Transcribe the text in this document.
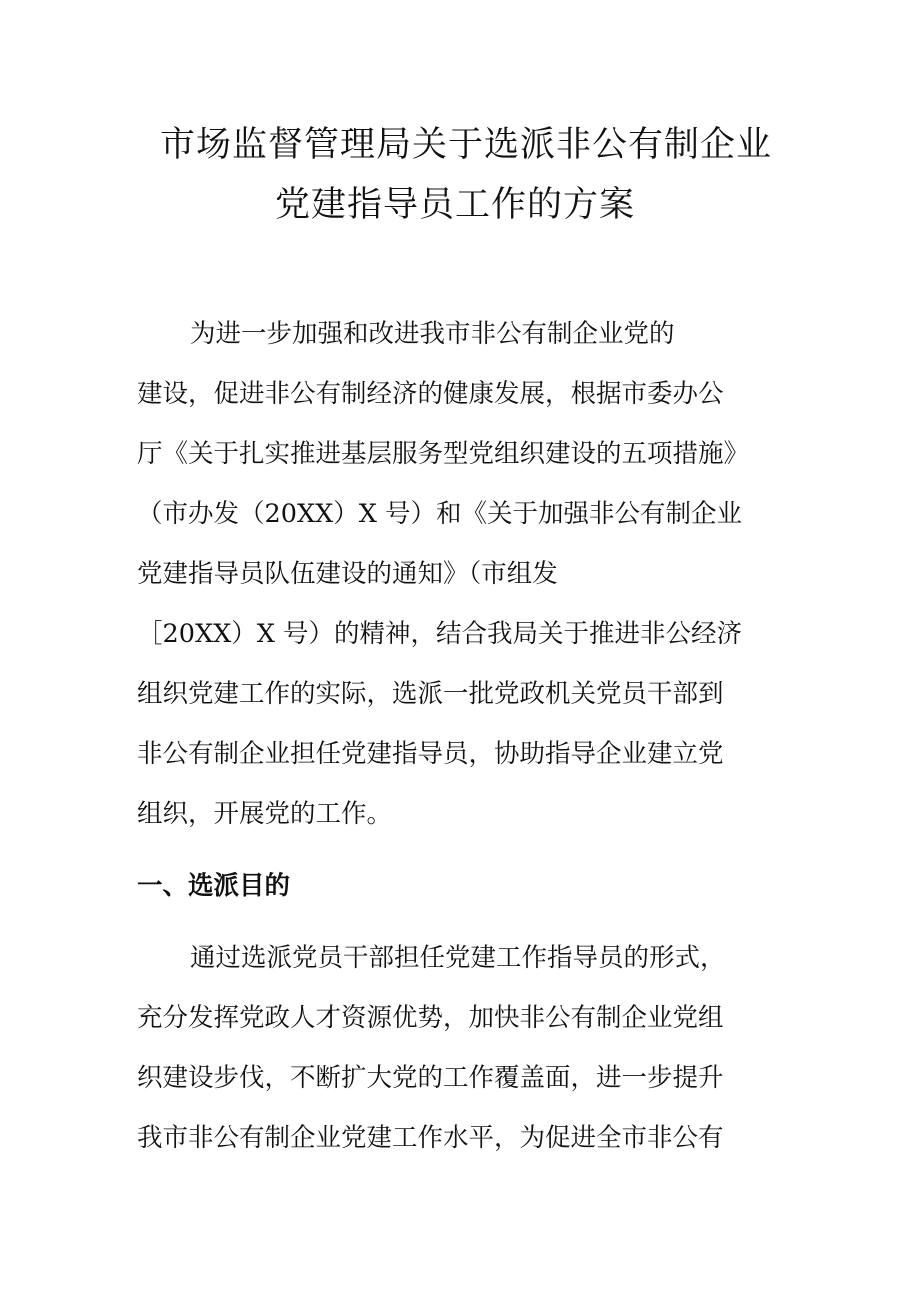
市场监督管理局关于选派非公有制企业
党建指导员工作的方案
为进一步加强和改进我市非公有制企业党的
建设，促进非公有制经济的健康发展，根据市委办公
厅《关于扎实推进基层服务型党组织建设的五项措施》
（市办发（20XX）X 号）和《关于加强非公有制企业
党建指导员队伍建设的通知》（市组发
［20XX）X 号）的精神，结合我局关于推进非公经济
组织党建工作的实际，选派一批党政机关党员干部到
非公有制企业担任党建指导员，协助指导企业建立党
组织，开展党的工作。
一、选派目的
通过选派党员干部担任党建工作指导员的形式，
充分发挥党政人才资源优势，加快非公有制企业党组
织建设步伐，不断扩大党的工作覆盖面，进一步提升
我市非公有制企业党建工作水平，为促进全市非公有
